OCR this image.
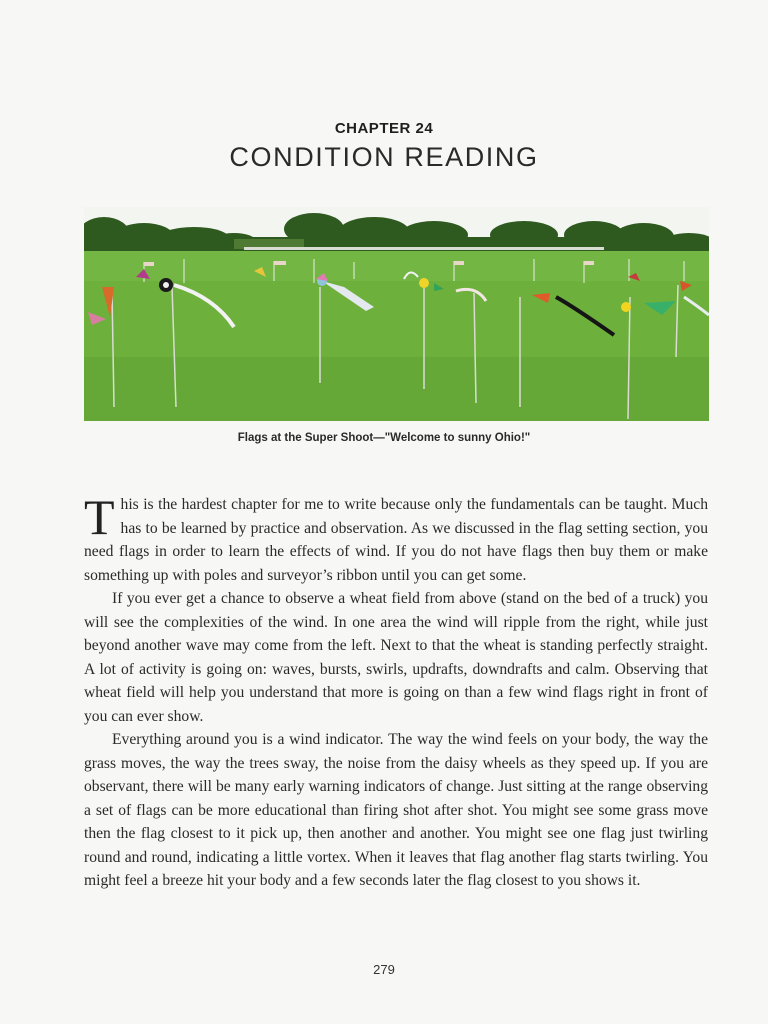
CHAPTER 24
CONDITION READING
Flags at the Super Shoot—"Welcome to sunny Ohio!"

This is the hardest chapter for me to write because only the fundamentals can be taught. Much has to be learned by practice and observation. As we discussed in the flag setting section, you need flags in order to learn the effects of wind. If you do not have flags then buy them or make something up with poles and surveyor’s ribbon until you can get some.

If you ever get a chance to observe a wheat field from above (stand on the bed of a truck) you will see the complexities of the wind. In one area the wind will ripple from the right, while just beyond another wave may come from the left. Next to that the wheat is standing perfectly straight. A lot of activity is going on: waves, bursts, swirls, updrafts, downdrafts and calm. Observing that wheat field will help you understand that more is going on than a few wind flags right in front of you can ever show.

Everything around you is a wind indicator. The way the wind feels on your body, the way the grass moves, the way the trees sway, the noise from the daisy wheels as they speed up. If you are observant, there will be many early warning indicators of change. Just sitting at the range observing a set of flags can be more educational than firing shot after shot. You might see some grass move then the flag closest to it pick up, then another and another. You might see one flag just twirling round and round, indicating a little vortex. When it leaves that flag another flag starts twirling. You might feel a breeze hit your body and a few seconds later the flag closest to you shows it.

279
